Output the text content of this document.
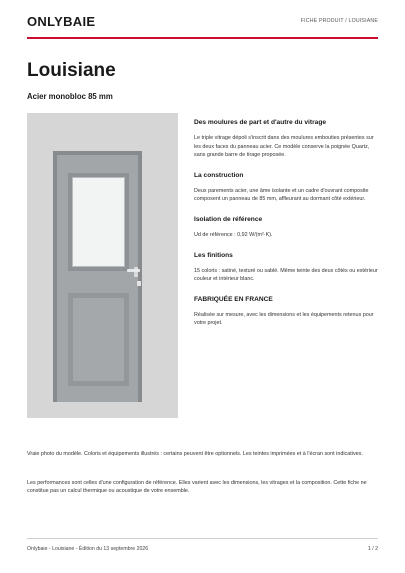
ONLYBAIE	FICHE PRODUIT / LOUISIANE
Louisiane
Acier monobloc 85 mm
Des moulures de part et d'autre du vitrage

Le triple vitrage dépoli s'inscrit dans des moulures embouties présentes sur les deux faces du panneau acier. Ce modèle conserve la poignée Quartz, sans grande barre de tirage proposée.

La construction

Deux parements acier, une âme isolante et un cadre d'ouvrant composite composent un panneau de 85 mm, affleurant au dormant côté extérieur.

Isolation de référence

Ud de référence : 0,92 W/(m²·K).

Les finitions

15 coloris : satiné, texturé ou sablé. Même teinte des deux côtés ou extérieur couleur et intérieur blanc.

FABRIQUÉE EN FRANCE

Réalisée sur mesure, avec les dimensions et les équipements retenus pour votre projet.

Vraie photo du modèle. Coloris et équipements illustrés : certains peuvent être optionnels. Les teintes imprimées et à l'écran sont indicatives.

Les performances sont celles d'une configuration de référence. Elles varient avec les dimensions, les vitrages et la composition. Cette fiche ne constitue pas un calcul thermique ou acoustique de votre ensemble.

Onlybaie - Louisiane - Édition du 13 septembre 2026	1 / 2
